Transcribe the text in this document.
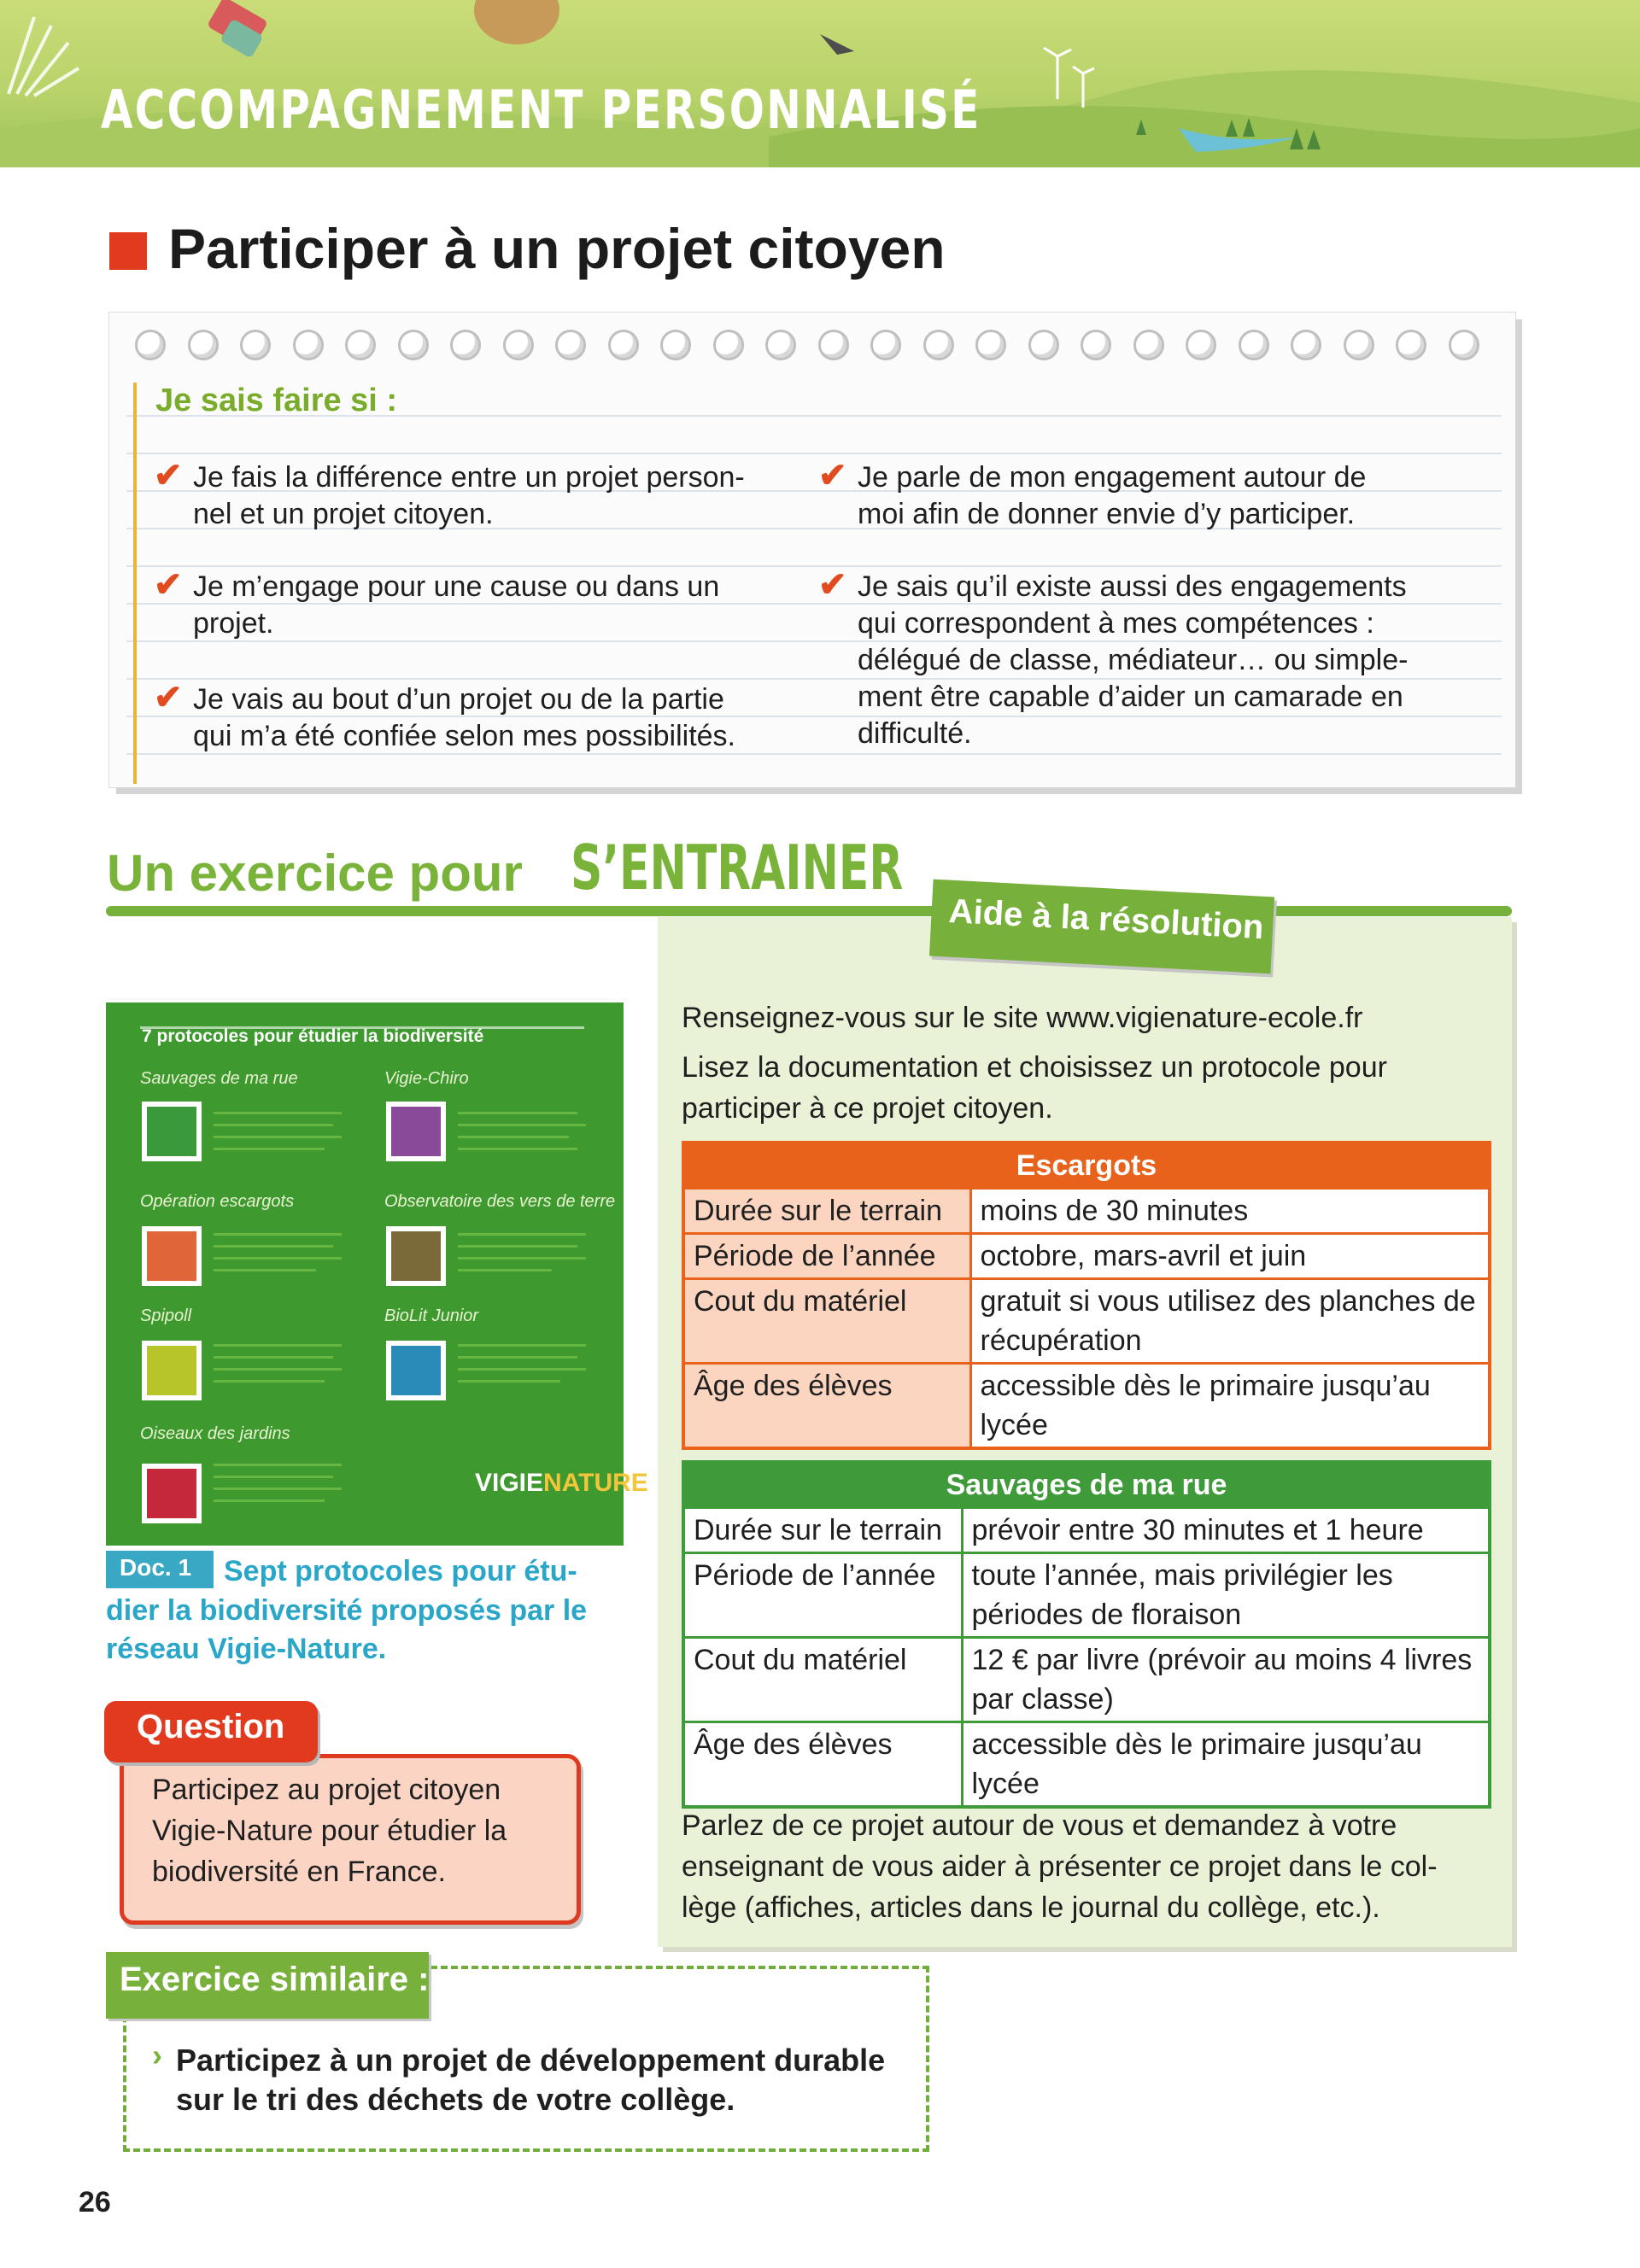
ACCOMPAGNEMENT PERSONNALISÉ
Participer à un projet citoyen
Je sais faire si :
✔ Je fais la différence entre un projet person-
nel et un projet citoyen.
✔ Je m’engage pour une cause ou dans un
projet.
✔ Je vais au bout d’un projet ou de la partie
qui m’a été confiée selon mes possibilités.
✔ Je parle de mon engagement autour de
moi afin de donner envie d’y participer.
✔ Je sais qu’il existe aussi des engagements
qui correspondent à mes compétences :
délégué de classe, médiateur… ou simple-
ment être capable d’aider un camarade en
difficulté.
Un exercice pour S’ENTRAINER
Aide à la résolution
Renseignez-vous sur le site www.vigienature-ecole.fr
Lisez la documentation et choisissez un protocole pour
participer à ce projet citoyen.
Escargots	
Durée sur le terrain	moins de 30 minutes
Période de l’année	octobre, mars-avril et juin
Cout du matériel	gratuit si vous utilisez des planches de récupération
Âge des élèves	accessible dès le primaire jusqu’au lycée
Sauvages de ma rue	
Durée sur le terrain	prévoir entre 30 minutes et 1 heure
Période de l’année	toute l’année, mais privilégier les périodes de floraison
Cout du matériel	12 € par livre (prévoir au moins 4 livres par classe)
Âge des élèves	accessible dès le primaire jusqu’au lycée
Parlez de ce projet autour de vous et demandez à votre
enseignant de vous aider à présenter ce projet dans le col-
lège (affiches, articles dans le journal du collège, etc.).
7 protocoles pour étudier la biodiversité
Sauvages de ma rue	Vigie-Chiro
Opération escargots	Observatoire des vers de terre
Spipoll	BioLit Junior
Oiseaux des jardins
VIGIENATURE
Doc. 1 Sept protocoles pour étu-
dier la biodiversité proposés par le
réseau Vigie-Nature.
Question
Participez au projet citoyen
Vigie-Nature pour étudier la
biodiversité en France.
Exercice similaire :
› Participez à un projet de développement durable
sur le tri des déchets de votre collège.
26
